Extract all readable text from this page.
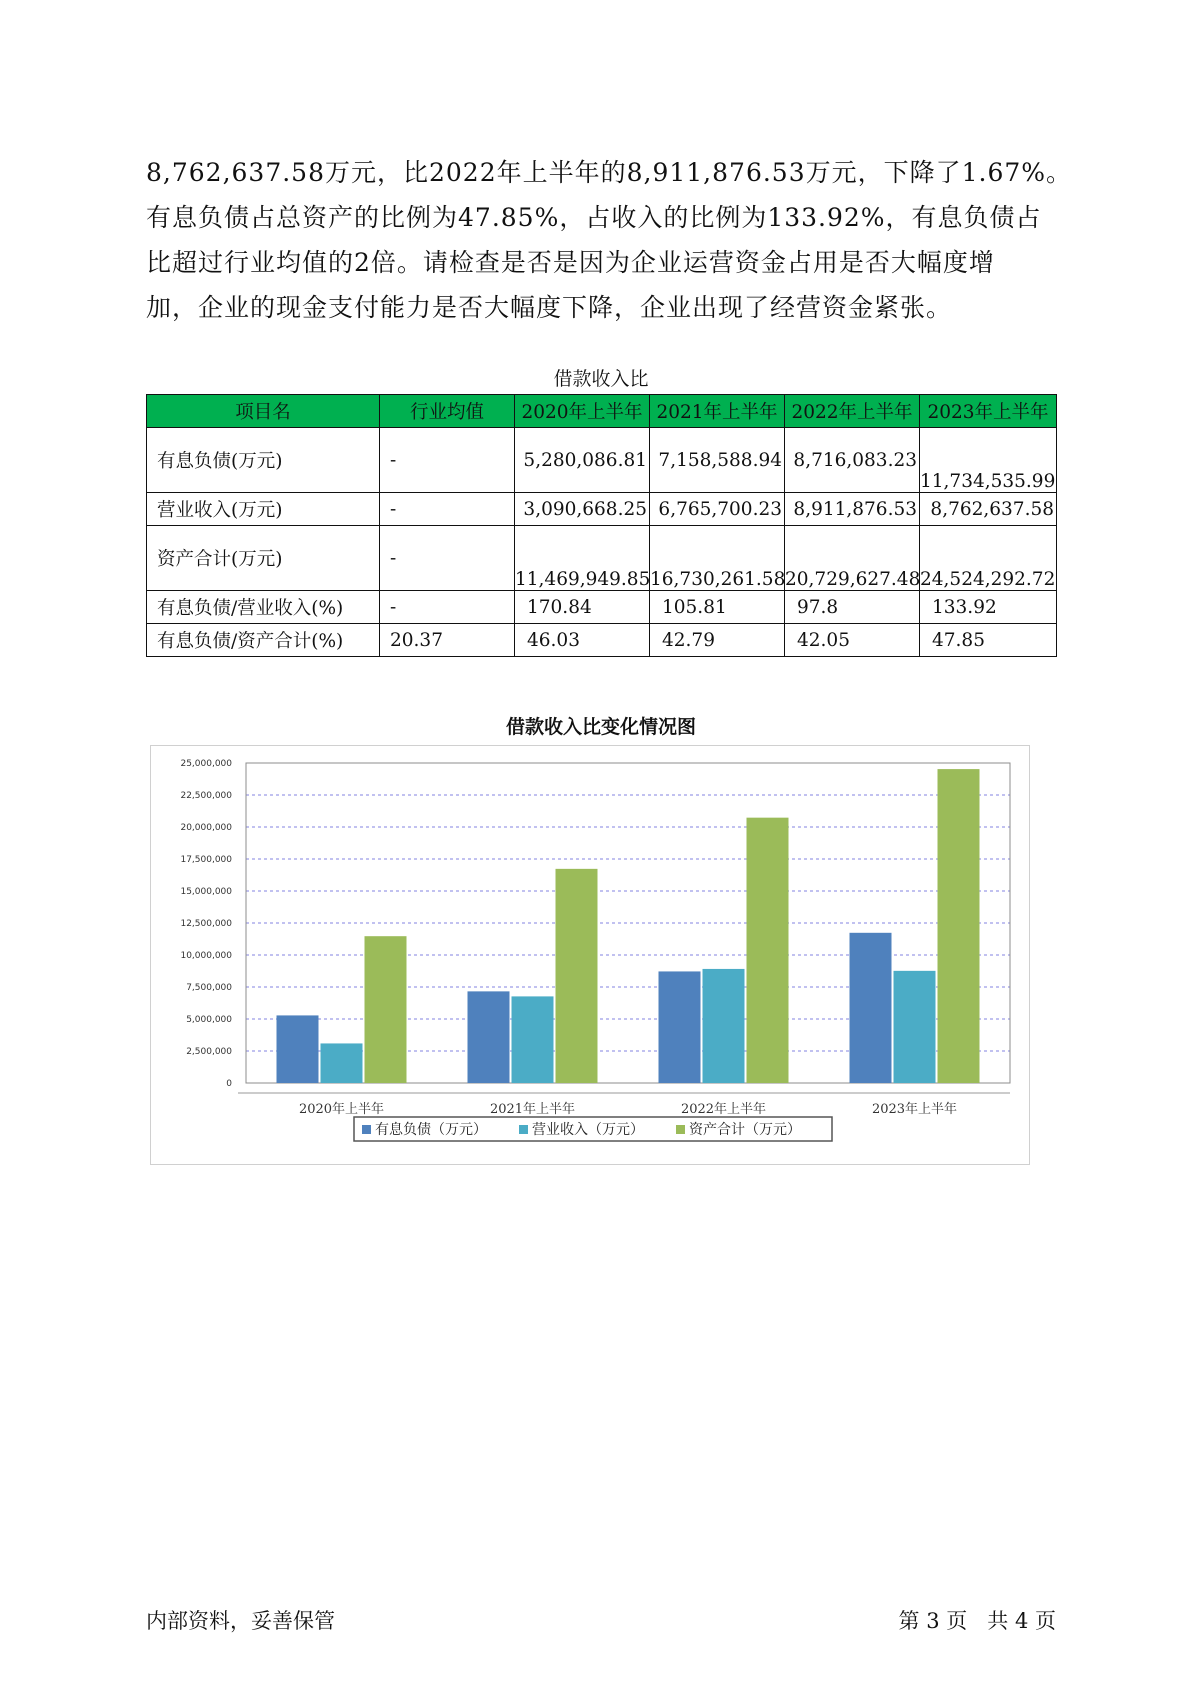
8,762,637.58万元，比2022年上半年的8,911,876.53万元，下降了1.67%。

有息负债占总资产的比例为47.85%，占收入的比例为133.92%，有息负债占

比超过行业均值的2倍。请检查是否是因为企业运营资金占用是否大幅度增

加，企业的现金支付能力是否大幅度下降，企业出现了经营资金紧张。

借款收入比
项目名	行业均值	2020年上半年	2021年上半年	2022年上半年	2023年上半年
有息负债(万元)	-	5,280,086.81	7,158,588.94	8,716,083.23	11,734,535.99
营业收入(万元)	-	3,090,668.25	6,765,700.23	8,911,876.53	8,762,637.58
资产合计(万元)	-	11,469,949.85	16,730,261.58	20,729,627.48	24,524,292.72
有息负债/营业收入(%)	-	170.84	105.81	97.8	133.92
有息负债/资产合计(%)	20.37	46.03	42.79	42.05	47.85
借款收入比变化情况图
0
2,500,000
5,000,000
7,500,000
10,000,000
12,500,000
15,000,000
17,500,000
20,000,000
22,500,000
25,000,000
2020年上半年	2021年上半年	2022年上半年	2023年上半年
有息负债（万元）	营业收入（万元）	资产合计（万元）
内部资料，妥善保管	第 3 页   共 4 页
